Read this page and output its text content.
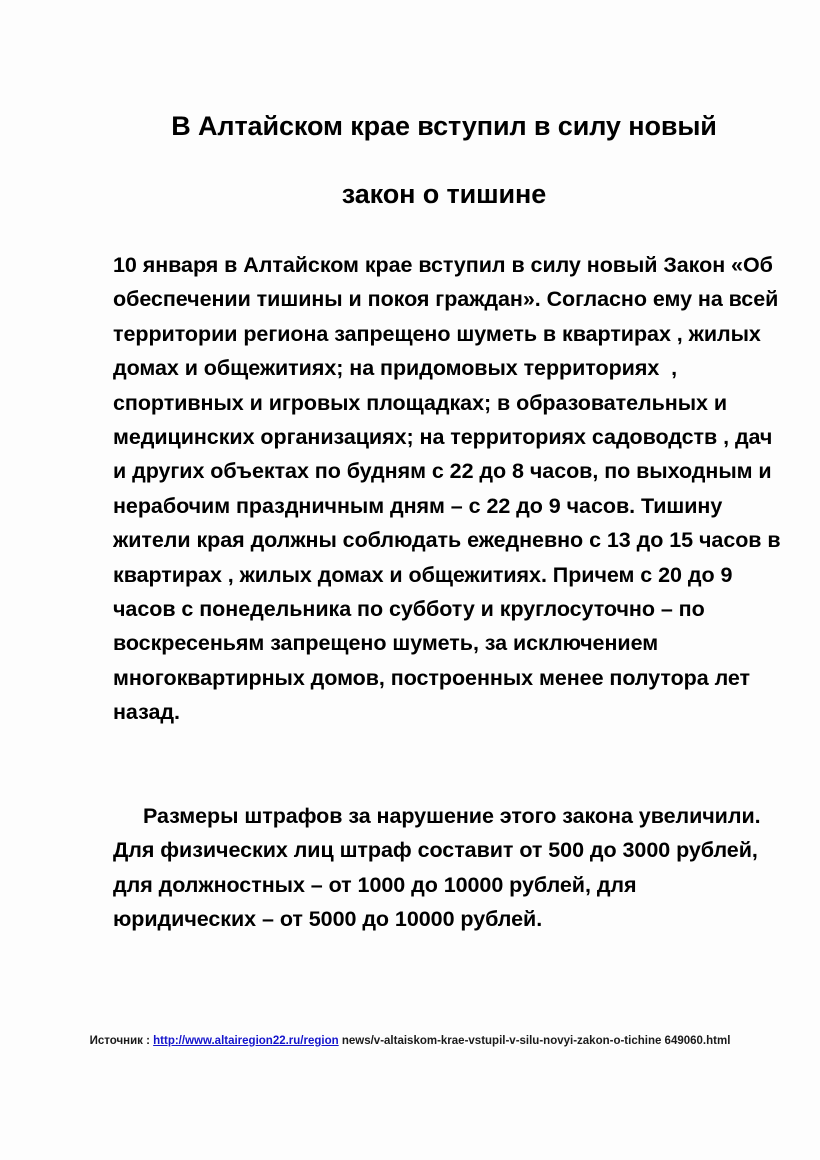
В Алтайском крае вступил в силу новый
закон о тишине

10 января в Алтайском крае вступил в силу новый Закон «Об обеспечении тишины и покоя граждан». Согласно ему на всей территории региона запрещено шуметь в квартирах , жилых домах и общежитиях; на придомовых территориях  , спортивных и игровых площадках; в образовательных и медицинских организациях; на территориях садоводств , дач и других объектах по будням с 22 до 8 часов, по выходным и нерабочим праздничным дням – с 22 до 9 часов. Тишину жители края должны соблюдать ежедневно с 13 до 15 часов в квартирах , жилых домах и общежитиях. Причем с 20 до 9 часов с понедельника по субботу и круглосуточно – по воскресеньям запрещено шуметь, за исключением многоквартирных домов, построенных менее полутора лет назад.

Размеры штрафов за нарушение этого закона увеличили. Для физических лиц штраф составит от 500 до 3000 рублей, для должностных – от 1000 до 10000 рублей, для юридических – от 5000 до 10000 рублей.

Источник : http://www.altairegion22.ru/region news/v-altaiskom-krae-vstupil-v-silu-novyi-zakon-o-tichine 649060.html
